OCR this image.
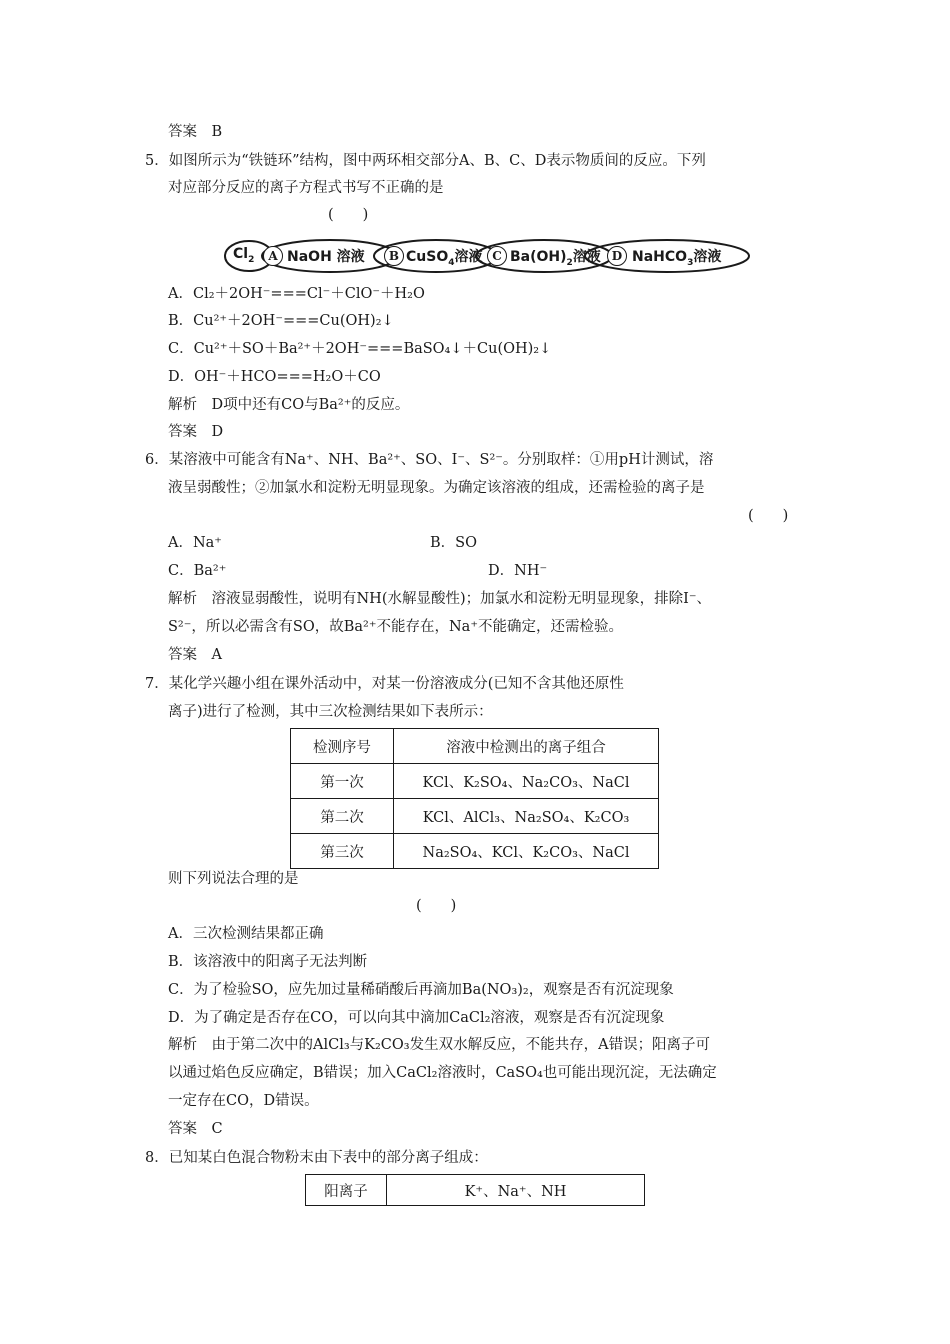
答案　B
5．如图所示为“铁链环”结构，图中两环相交部分A、B、C、D表示物质间的反应。下列
对应部分反应的离子方程式书写不正确的是
(　　)
$Cl_2$	A NaOH 溶液	B CuSO$_4$溶液 C $Ba(OH)_2$溶液 D NaHCO$_3$溶液
A．Cl₂＋2OH⁻===Cl⁻＋ClO⁻＋H₂O
B．Cu²⁺＋2OH⁻===Cu(OH)₂↓
C．Cu²⁺＋SO＋Ba²⁺＋2OH⁻===BaSO₄↓＋Cu(OH)₂↓
D．OH⁻＋HCO===H₂O＋CO
解析　D项中还有CO与Ba²⁺的反应。
答案　D
6．某溶液中可能含有Na⁺、NH、Ba²⁺、SO、I⁻、S²⁻。分别取样：①用pH计测试，溶
液呈弱酸性；②加氯水和淀粉无明显现象。为确定该溶液的组成，还需检验的离子是
(　　)
A．Na⁺	B．SO
C．Ba²⁺	D．NH⁻
解析　溶液显弱酸性，说明有NH(水解显酸性)；加氯水和淀粉无明显现象，排除I⁻、
S²⁻，所以必需含有SO，故Ba²⁺不能存在，Na⁺不能确定，还需检验。
答案　A
7．某化学兴趣小组在课外活动中，对某一份溶液成分(已知不含其他还原性
离子)进行了检测，其中三次检测结果如下表所示：
检测序号	溶液中检测出的离子组合
第一次	KCl、K₂SO₄、Na₂CO₃、NaCl
第二次	KCl、AlCl₃、Na₂SO₄、K₂CO₃
第三次	Na₂SO₄、KCl、K₂CO₃、NaCl
则下列说法合理的是
(　　)
A．三次检测结果都正确
B．该溶液中的阳离子无法判断
C．为了检验SO，应先加过量稀硝酸后再滴加Ba(NO₃)₂，观察是否有沉淀现象
D．为了确定是否存在CO，可以向其中滴加CaCl₂溶液，观察是否有沉淀现象
解析　由于第二次中的AlCl₃与K₂CO₃发生双水解反应，不能共存，A错误；阳离子可
以通过焰色反应确定，B错误；加入CaCl₂溶液时，CaSO₄也可能出现沉淀，无法确定
一定存在CO，D错误。
答案　C
8．已知某白色混合物粉末由下表中的部分离子组成：
阳离子	K⁺、Na⁺、NH
